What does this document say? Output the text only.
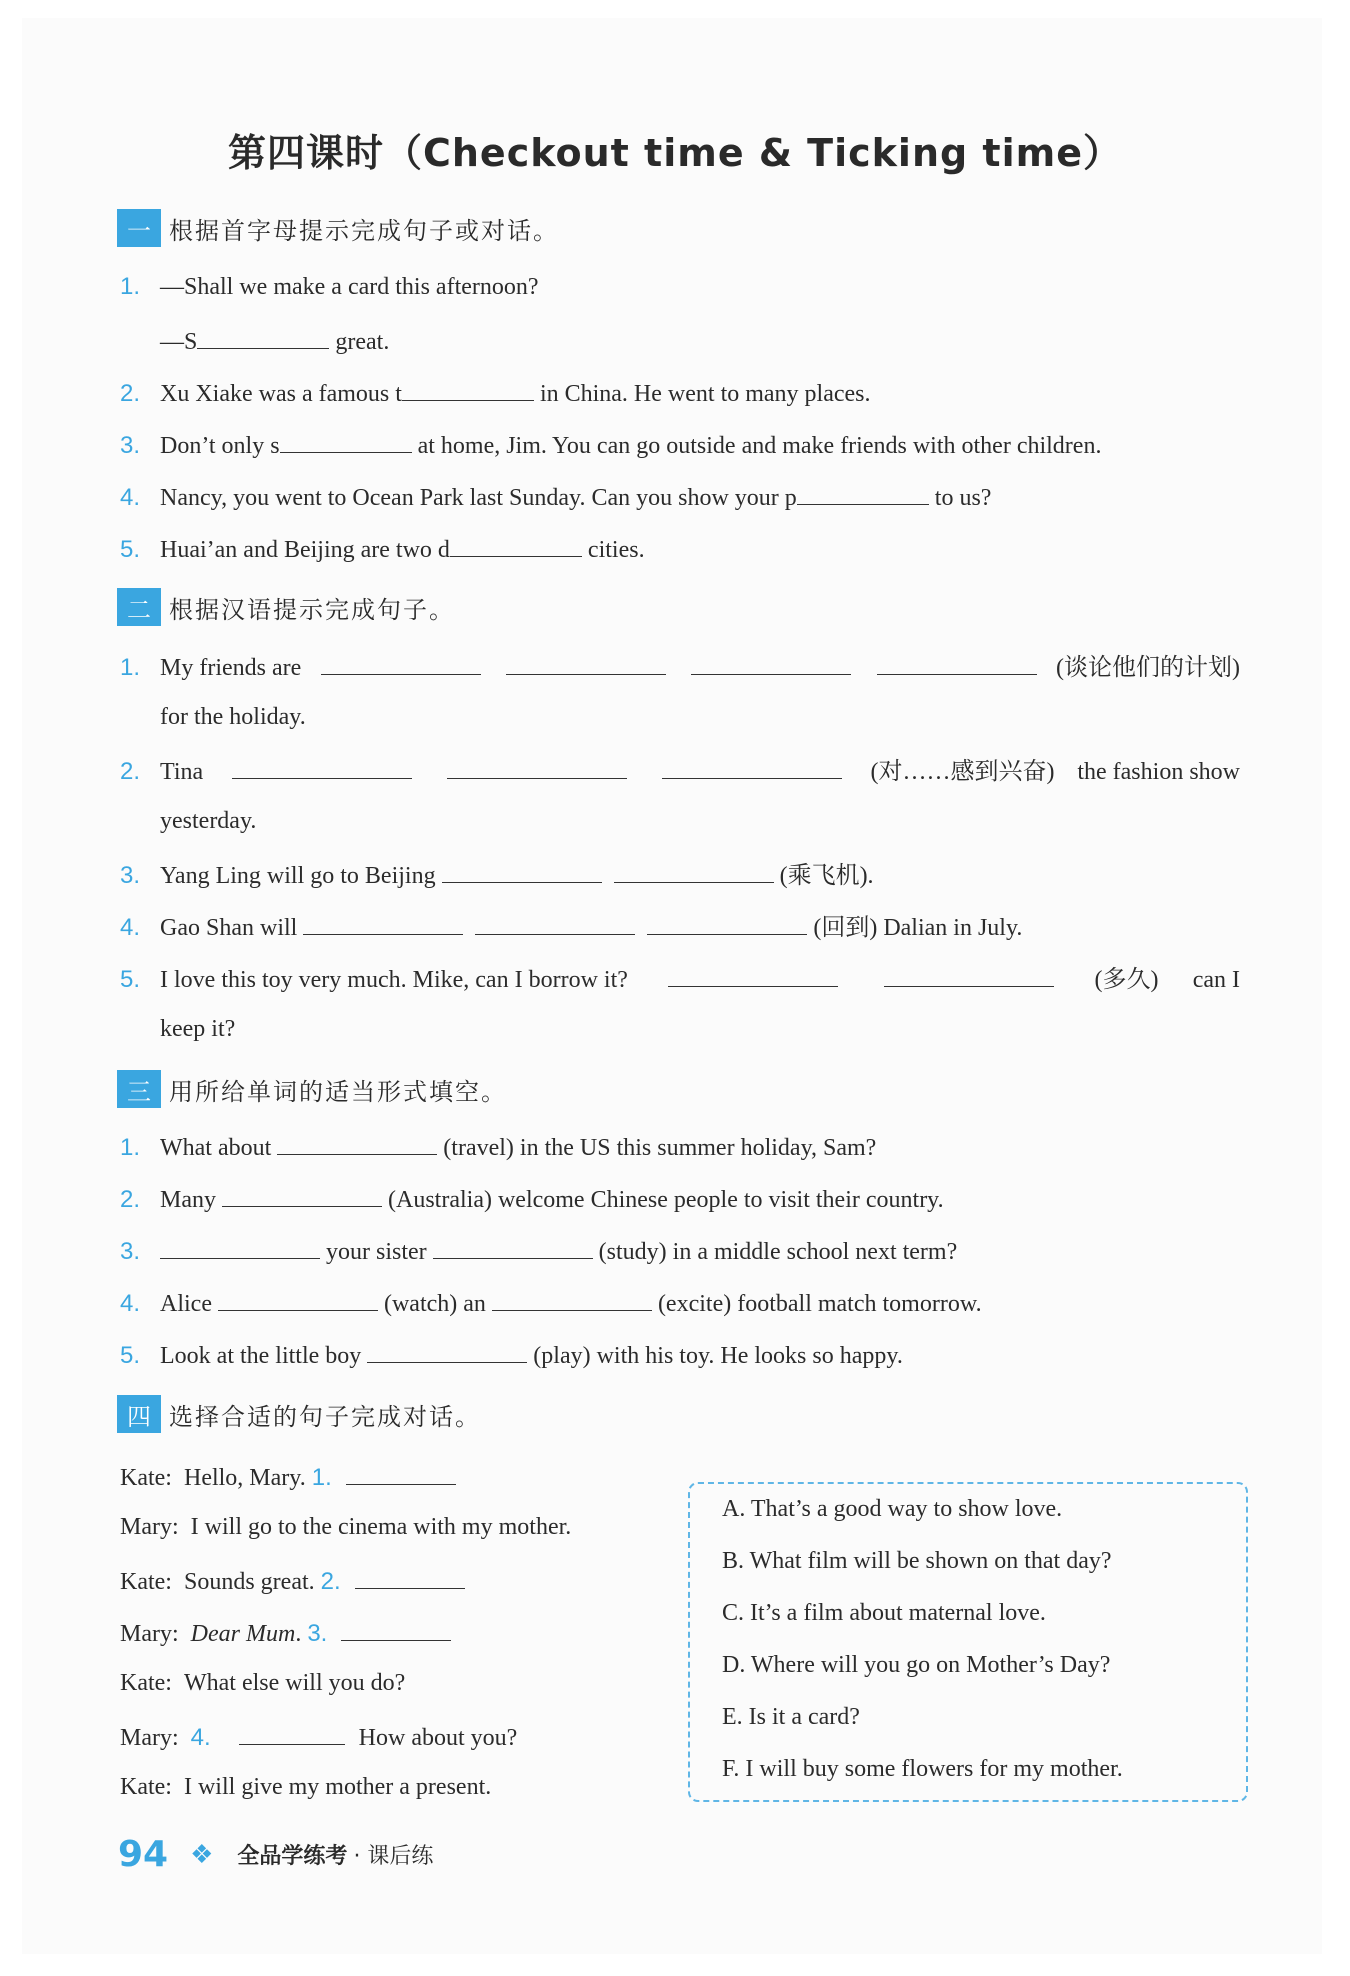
第四课时（Checkout time & Ticking time）
一 根据首字母提示完成句子或对话。
1. —Shall we make a card this afternoon?
—S	great.
2. Xu Xiake was a famous t	in China. He went to many places.
3. Don’t only s	at home, Jim. You can go outside and make friends with other children.
4. Nancy, you went to Ocean Park last Sunday. Can you show your p	to us?
5. Huai’an and Beijing are two d	cities.
二 根据汉语提示完成句子。
1. My friends are	(谈论他们的计划)
for the holiday.
2. Tina	(对……感到兴奋) the fashion show
yesterday.
3. Yang Ling will go to Beijing	(乘飞机).
4. Gao Shan will	(回到) Dalian in July.
5. I love this toy very much. Mike, can I borrow it?	(多久) can I
keep it?
三 用所给单词的适当形式填空。
1. What about	(travel) in the US this summer holiday, Sam?
2. Many	(Australia) welcome Chinese people to visit their country.
3.	your sister	(study) in a middle school next term?
4. Alice	(watch) an	(excite) football match tomorrow.
5. Look at the little boy	(play) with his toy. He looks so happy.
四 选择合适的句子完成对话。
Kate: Hello, Mary. 1.
Mary: I will go to the cinema with my mother.
Kate: Sounds great. 2.
Mary: Dear Mum. 3.
Kate: What else will you do?
Mary: 4.	How about you?
Kate: I will give my mother a present.
A. That’s a good way to show love.
B. What film will be shown on that day?
C. It’s a film about maternal love.
D. Where will you go on Mother’s Day?
E. Is it a card?
F. I will buy some flowers for my mother.
94 ❖ 全品学练考 · 课后练
